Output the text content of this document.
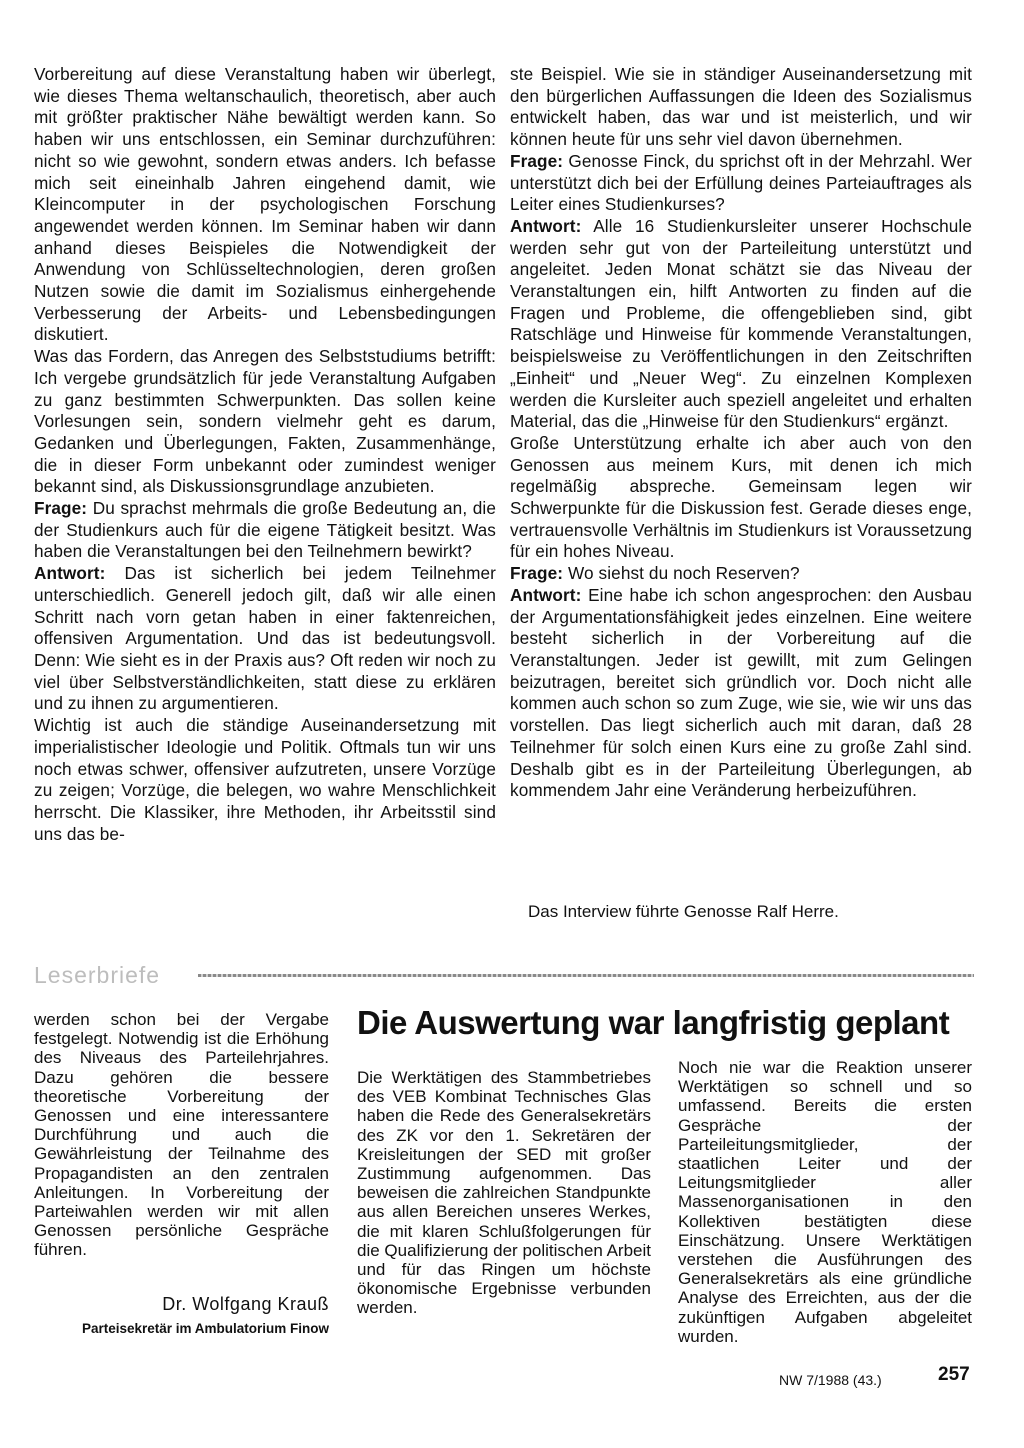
Vorbereitung auf diese Veranstaltung haben wir überlegt, wie dieses Thema weltanschaulich, theoretisch, aber auch mit größter praktischer Nähe bewältigt werden kann. So haben wir uns entschlossen, ein Seminar durchzuführen: nicht so wie gewohnt, sondern etwas anders. Ich befasse mich seit eineinhalb Jahren eingehend damit, wie Kleincomputer in der psychologischen Forschung angewendet werden können. Im Seminar haben wir dann anhand dieses Beispieles die Notwendigkeit der Anwendung von Schlüsseltechnologien, deren großen Nutzen sowie die damit im Sozialismus einhergehende Verbesserung der Arbeits- und Lebensbedingungen diskutiert.

Was das Fordern, das Anregen des Selbststudiums betrifft: Ich vergebe grundsätzlich für jede Veranstaltung Aufgaben zu ganz bestimmten Schwerpunkten. Das sollen keine Vorlesungen sein, sondern vielmehr geht es darum, Gedanken und Überlegungen, Fakten, Zusammenhänge, die in dieser Form unbekannt oder zumindest weniger bekannt sind, als Diskussionsgrundlage anzubieten.

Frage: Du sprachst mehrmals die große Bedeutung an, die der Studienkurs auch für die eigene Tätigkeit besitzt. Was haben die Veranstaltungen bei den Teilnehmern bewirkt?

Antwort: Das ist sicherlich bei jedem Teilnehmer unterschiedlich. Generell jedoch gilt, daß wir alle einen Schritt nach vorn getan haben in einer faktenreichen, offensiven Argumentation. Und das ist bedeutungsvoll. Denn: Wie sieht es in der Praxis aus? Oft reden wir noch zu viel über Selbstverständlichkeiten, statt diese zu erklären und zu ihnen zu argumentieren.

Wichtig ist auch die ständige Auseinandersetzung mit imperialistischer Ideologie und Politik. Oftmals tun wir uns noch etwas schwer, offensiver aufzutreten, unsere Vorzüge zu zeigen; Vorzüge, die belegen, wo wahre Menschlichkeit herrscht. Die Klassiker, ihre Methoden, ihr Arbeitsstil sind uns das be-

ste Beispiel. Wie sie in ständiger Auseinandersetzung mit den bürgerlichen Auffassungen die Ideen des Sozialismus entwickelt haben, das war und ist meisterlich, und wir können heute für uns sehr viel davon übernehmen.

Frage: Genosse Finck, du sprichst oft in der Mehrzahl. Wer unterstützt dich bei der Erfüllung deines Parteiauftrages als Leiter eines Studienkurses?

Antwort: Alle 16 Studienkursleiter unserer Hochschule werden sehr gut von der Parteileitung unterstützt und angeleitet. Jeden Monat schätzt sie das Niveau der Veranstaltungen ein, hilft Antworten zu finden auf die Fragen und Probleme, die offengeblieben sind, gibt Ratschläge und Hinweise für kommende Veranstaltungen, beispielsweise zu Veröffentlichungen in den Zeitschriften „Einheit“ und „Neuer Weg“. Zu einzelnen Komplexen werden die Kursleiter auch speziell angeleitet und erhalten Material, das die „Hinweise für den Studienkurs“ ergänzt.

Große Unterstützung erhalte ich aber auch von den Genossen aus meinem Kurs, mit denen ich mich regelmäßig abspreche. Gemeinsam legen wir Schwerpunkte für die Diskussion fest. Gerade dieses enge, vertrauensvolle Verhältnis im Studienkurs ist Voraussetzung für ein hohes Niveau.

Frage: Wo siehst du noch Reserven?

Antwort: Eine habe ich schon angesprochen: den Ausbau der Argumentationsfähigkeit jedes einzelnen. Eine weitere besteht sicherlich in der Vorbereitung auf die Veranstaltungen. Jeder ist gewillt, mit zum Gelingen beizutragen, bereitet sich gründlich vor. Doch nicht alle kommen auch schon so zum Zuge, wie sie, wie wir uns das vorstellen. Das liegt sicherlich auch mit daran, daß 28 Teilnehmer für solch einen Kurs eine zu große Zahl sind. Deshalb gibt es in der Parteileitung Überlegungen, ab kommendem Jahr eine Veränderung herbeizuführen.

Das Interview führte Genosse Ralf Herre.
Leserbriefe

werden schon bei der Vergabe festgelegt. Notwendig ist die Erhöhung des Niveaus des Parteilehrjahres. Dazu gehören die bessere theoretische Vorbereitung der Genossen und eine interessantere Durchführung und auch die Gewährleistung der Teilnahme des Propagandisten an den zentralen Anleitungen. In Vorbereitung der Parteiwahlen werden wir mit allen Genossen persönliche Gespräche führen.

Dr. Wolfgang Krauß
Parteisekretär im Ambulatorium Finow
Die Auswertung war langfristig geplant

Die Werktätigen des Stammbetriebes des VEB Kombinat Technisches Glas haben die Rede des Generalsekretärs des ZK vor den 1. Sekretären der Kreisleitungen der SED mit großer Zustimmung aufgenommen. Das beweisen die zahlreichen Standpunkte aus allen Bereichen unseres Werkes, die mit klaren Schlußfolgerungen für die Qualifizierung der politischen Arbeit und für das Ringen um höchste ökonomische Ergebnisse verbunden werden.

Noch nie war die Reaktion unserer Werktätigen so schnell und so umfassend. Bereits die ersten Gespräche der Parteileitungsmitglieder, der staatlichen Leiter und der Leitungsmitglieder aller Massenorganisationen in den Kollektiven bestätigten diese Einschätzung. Unsere Werktätigen verstehen die Ausführungen des Generalsekretärs als eine gründliche Analyse des Erreichten, aus der die zukünftigen Aufgaben abgeleitet wurden.

NW 7/1988 (43.)	257
